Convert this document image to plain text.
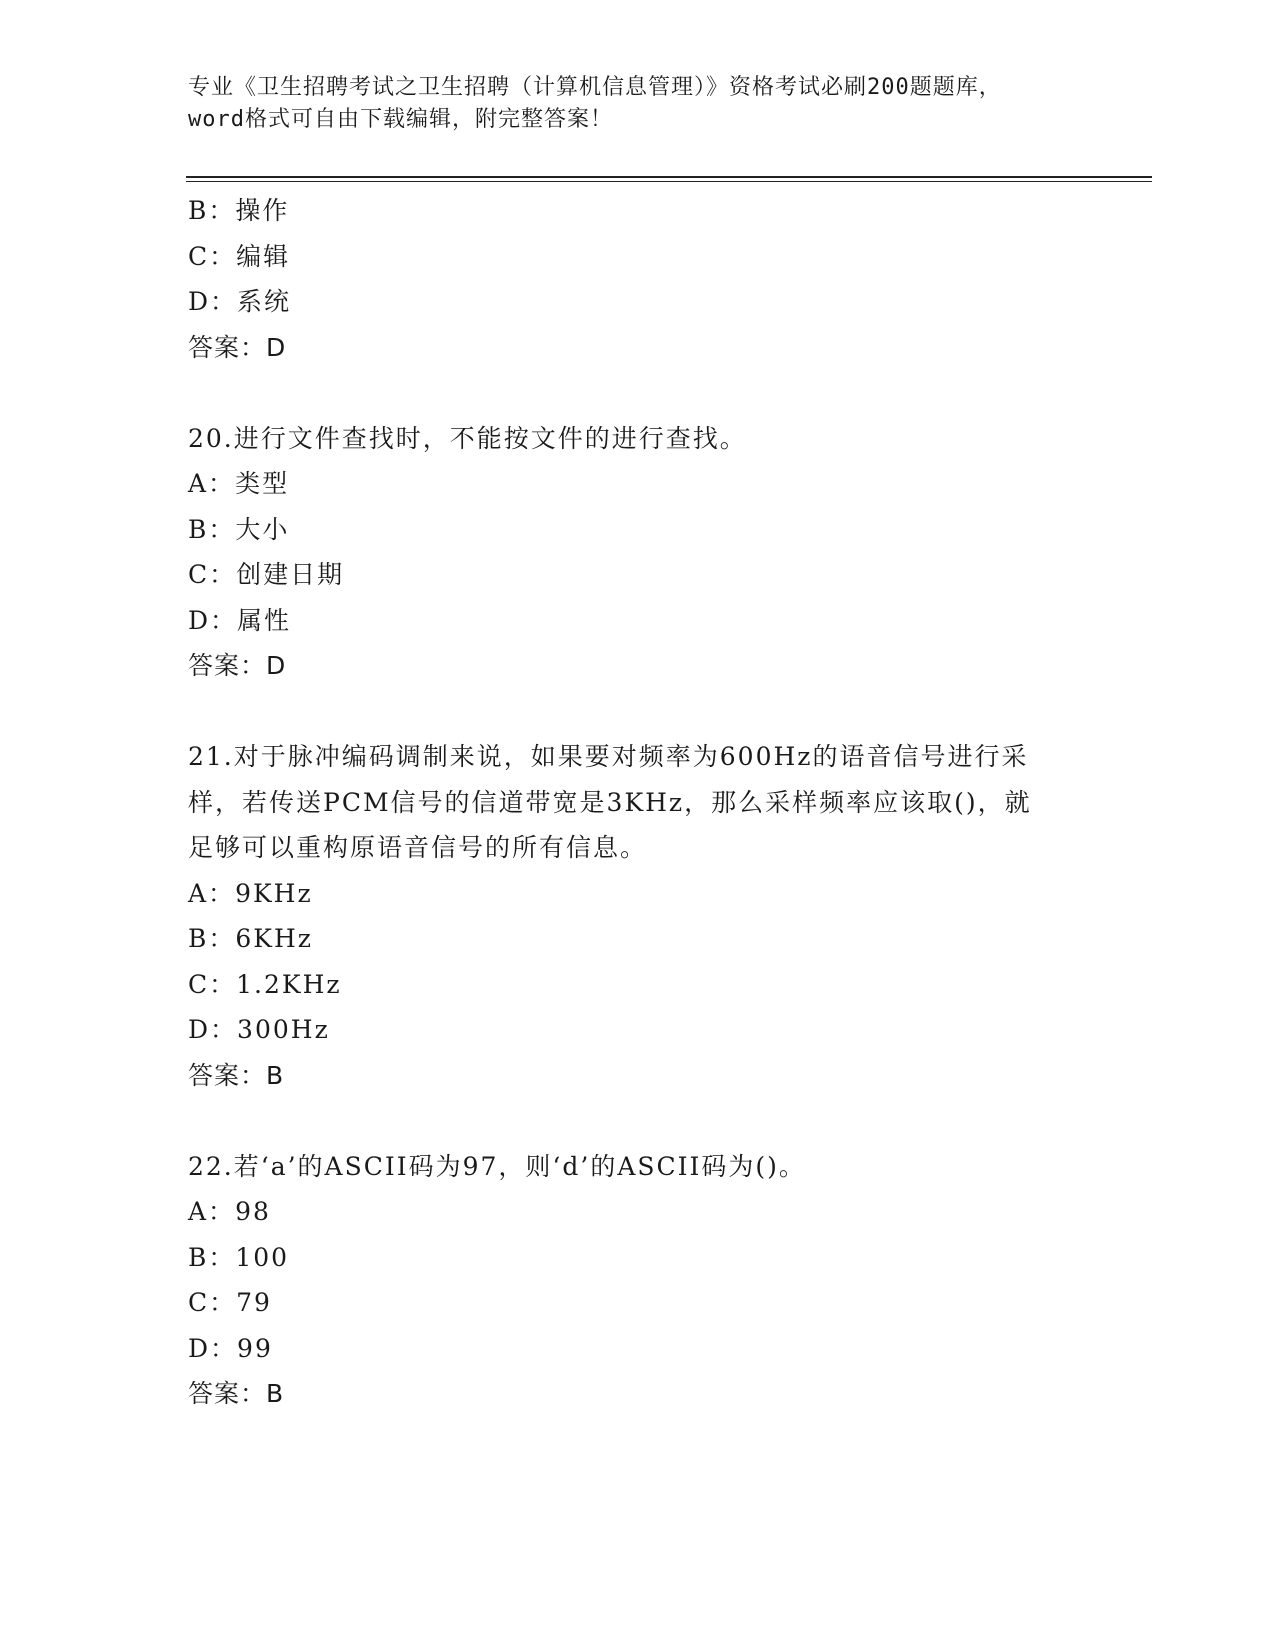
专业《卫生招聘考试之卫生招聘（计算机信息管理）》资格考试必刷200题题库，
word格式可自由下载编辑，附完整答案！
B：操作
C：编辑
D：系统
答案：D
20.进行文件查找时，不能按文件的进行查找。
A：类型
B：大小
C：创建日期
D：属性
答案：D
21.对于脉冲编码调制来说，如果要对频率为600Hz的语音信号进行采
样，若传送PCM信号的信道带宽是3KHz，那么采样频率应该取()，就
足够可以重构原语音信号的所有信息。
A：9KHz
B：6KHz
C：1.2KHz
D：300Hz
答案：B
22.若‘a’的ASCII码为97，则‘d’的ASCII码为()。
A：98
B：100
C：79
D：99
答案：B
